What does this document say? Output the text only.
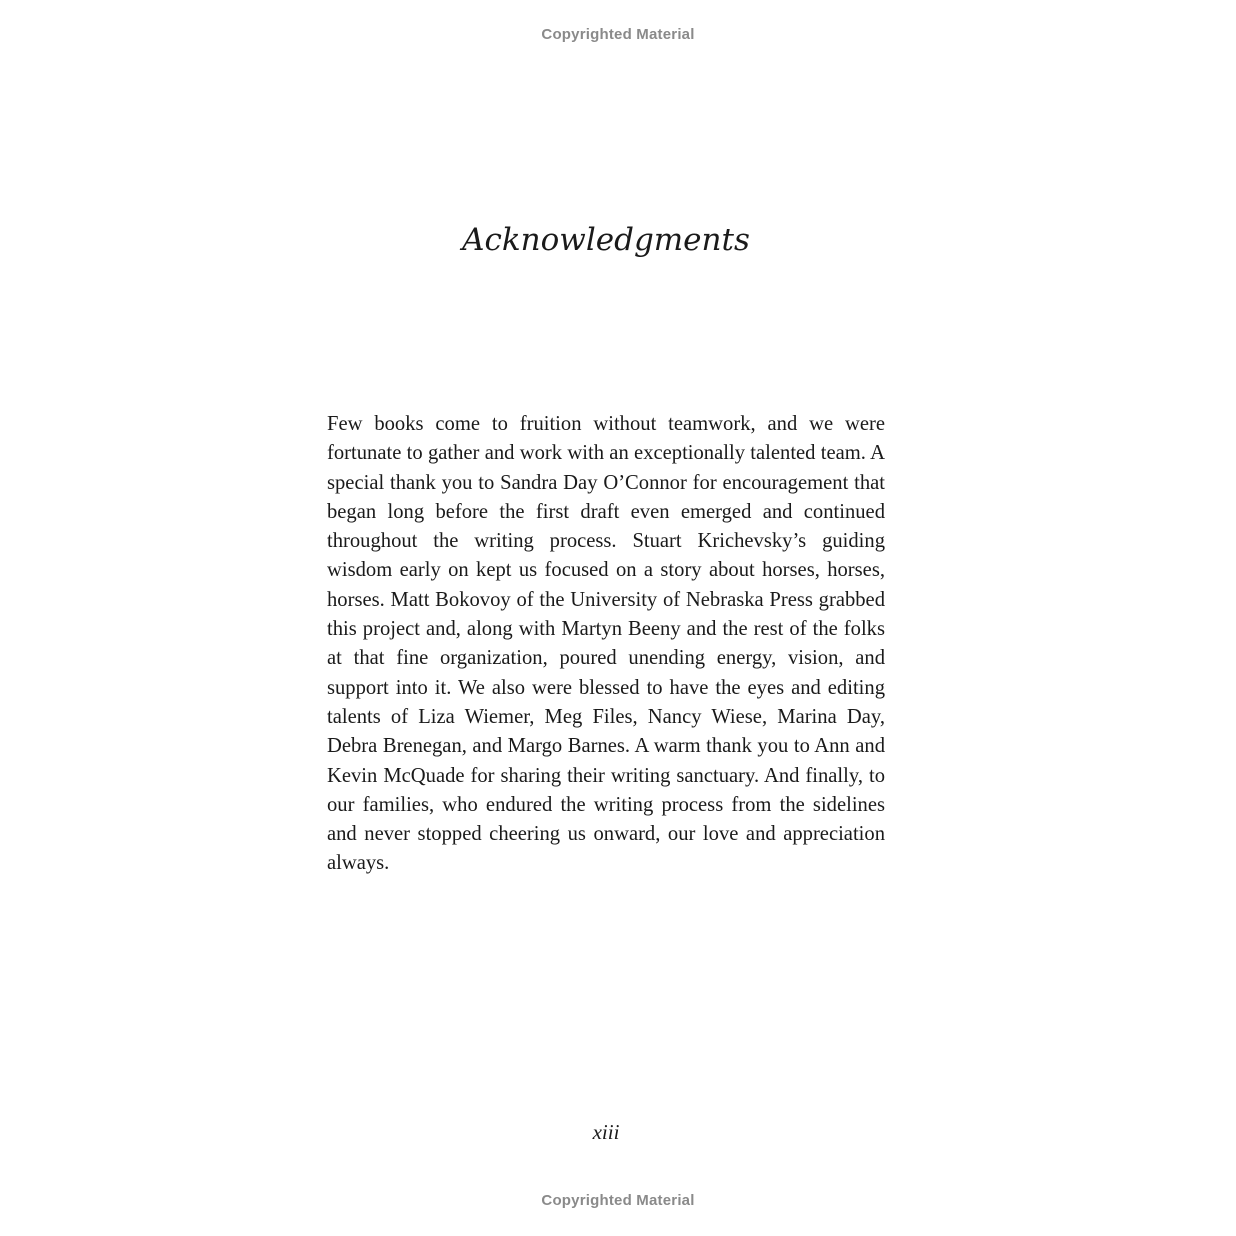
Copyrighted Material
Acknowledgments

Few books come to fruition without teamwork, and we were fortunate to gather and work with an exceptionally talented team. A special thank you to Sandra Day O’Connor for encouragement that began long before the first draft even emerged and continued throughout the writing process. Stuart Krichevsky’s guiding wisdom early on kept us focused on a story about horses, horses, horses. Matt Bokovoy of the University of Nebraska Press grabbed this project and, along with Martyn Beeny and the rest of the folks at that fine organization, poured unending energy, vision, and support into it. We also were blessed to have the eyes and editing talents of Liza Wiemer, Meg Files, Nancy Wiese, Marina Day, Debra Brenegan, and Margo Barnes. A warm thank you to Ann and Kevin McQuade for sharing their writing sanctuary. And finally, to our families, who endured the writing process from the sidelines and never stopped cheering us onward, our love and appreciation always.

xiii
Copyrighted Material
